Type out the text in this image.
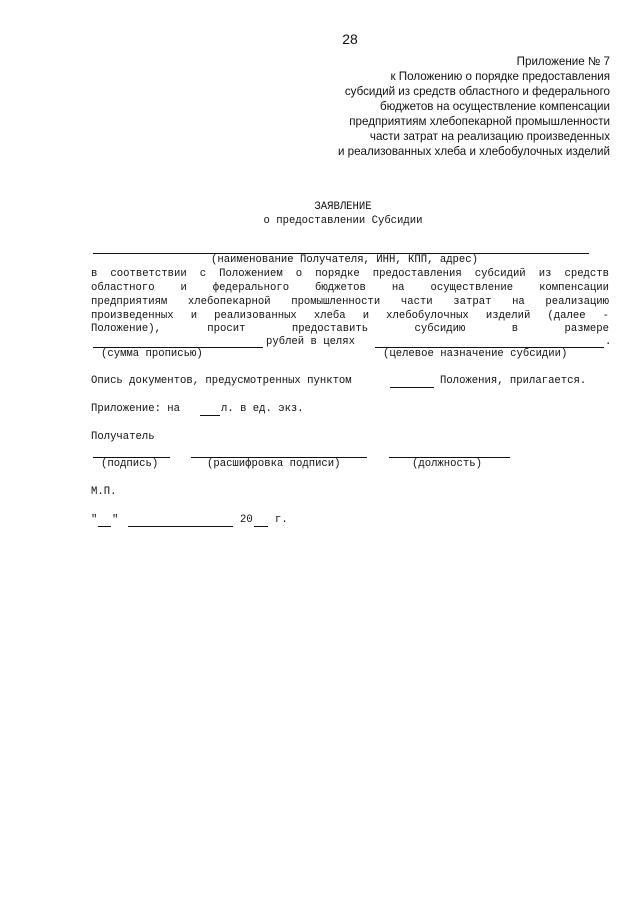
28
Приложение № 7
к Положению о порядке предоставления
субсидий из средств областного и федерального
бюджетов на осуществление компенсации
предприятиям хлебопекарной промышленности
части затрат на реализацию произведенных
и реализованных хлеба и хлебобулочных изделий
ЗАЯВЛЕНИЕ
о предоставлении Субсидии
(наименование Получателя, ИНН, КПП, адрес)
в соответствии с Положением о порядке предоставления субсидий из средств
областного и федерального бюджетов на осуществление компенсации
предприятиям хлебопекарной промышленности части затрат на реализацию
произведенных и реализованных хлеба и хлебобулочных изделий (далее -
Положение), просит предоставить субсидию в размере
рублей в целях	.
(сумма прописью)	(целевое назначение субсидии)
Опись документов, предусмотренных пунктом	Положения, прилагается.
Приложение: на	л. в ед. экз.
Получатель
(подпись)	(расшифровка подписи)	(должность)
М.П.
" "	20 г.
